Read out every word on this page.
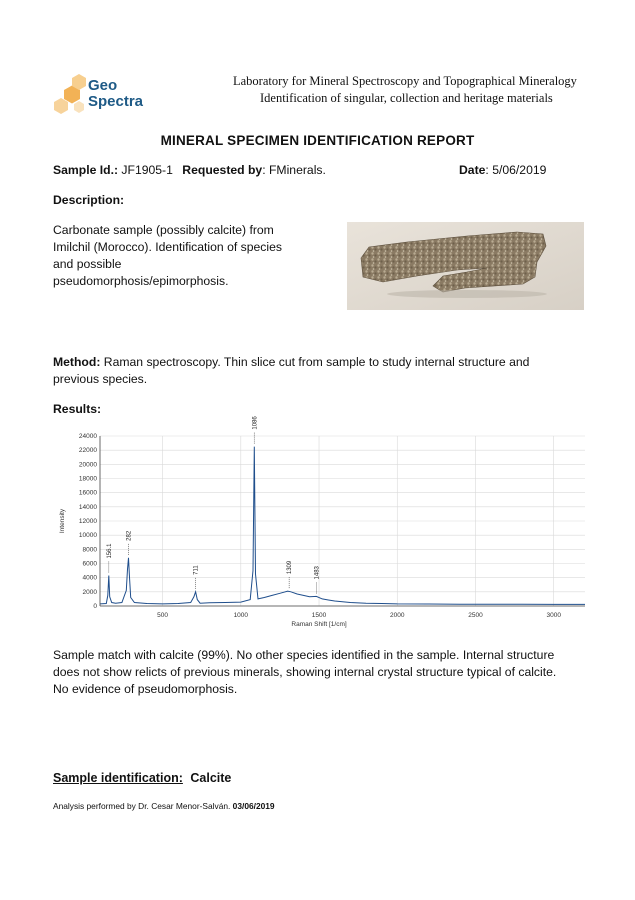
Geo
Spectra
Laboratory for Mineral Spectroscopy and Topographical Mineralogy
Identification of singular, collection and heritage materials
MINERAL SPECIMEN IDENTIFICATION REPORT
Sample Id.: JF1905-1 Requested by: FMinerals.	Date: 5/06/2019
Description:
Carbonate sample (possibly calcite) from
Imilchil (Morocco). Identification of species
and possible
pseudomorphosis/epimorphosis.
Method: Raman spectroscopy. Thin slice cut from sample to study internal structure and
previous species.
Results:
0
2000
4000
6000
8000
10000
12000
14000
16000
18000
20000
22000
24000
500	1000	1500	2000	2500	3000
156.1
282
711
1086
1309	1483
Intensity
Raman Shift [1/cm]
Sample match with calcite (99%). No other species identified in the sample. Internal structure
does not show relicts of previous minerals, showing internal crystal structure typical of calcite.
No evidence of pseudomorphosis.
Sample identification: Calcite
Analysis performed by Dr. Cesar Menor-Salván. 03/06/2019
